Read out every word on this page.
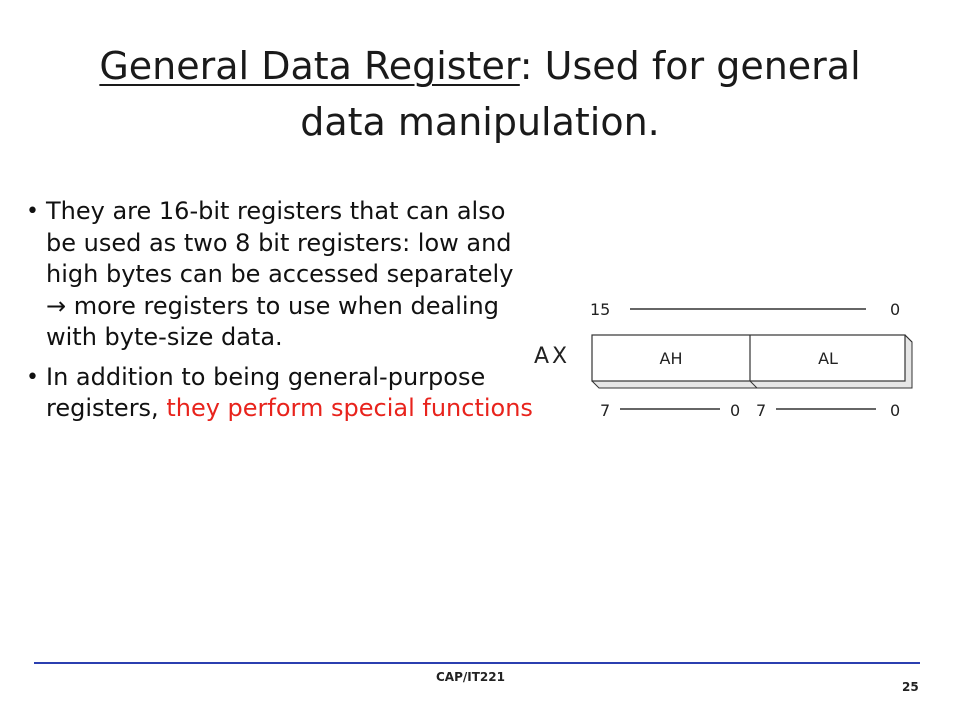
General Data Register: Used for general
data manipulation.
• They are 16-bit registers that can also be used as two 8 bit registers: low and high bytes can be accessed separately → more registers to use when dealing with byte-size data.
• In addition to being general-purpose registers, they perform special functions
15	0
AX	AH	AL
7	0 7	0
CAP/IT221
25
